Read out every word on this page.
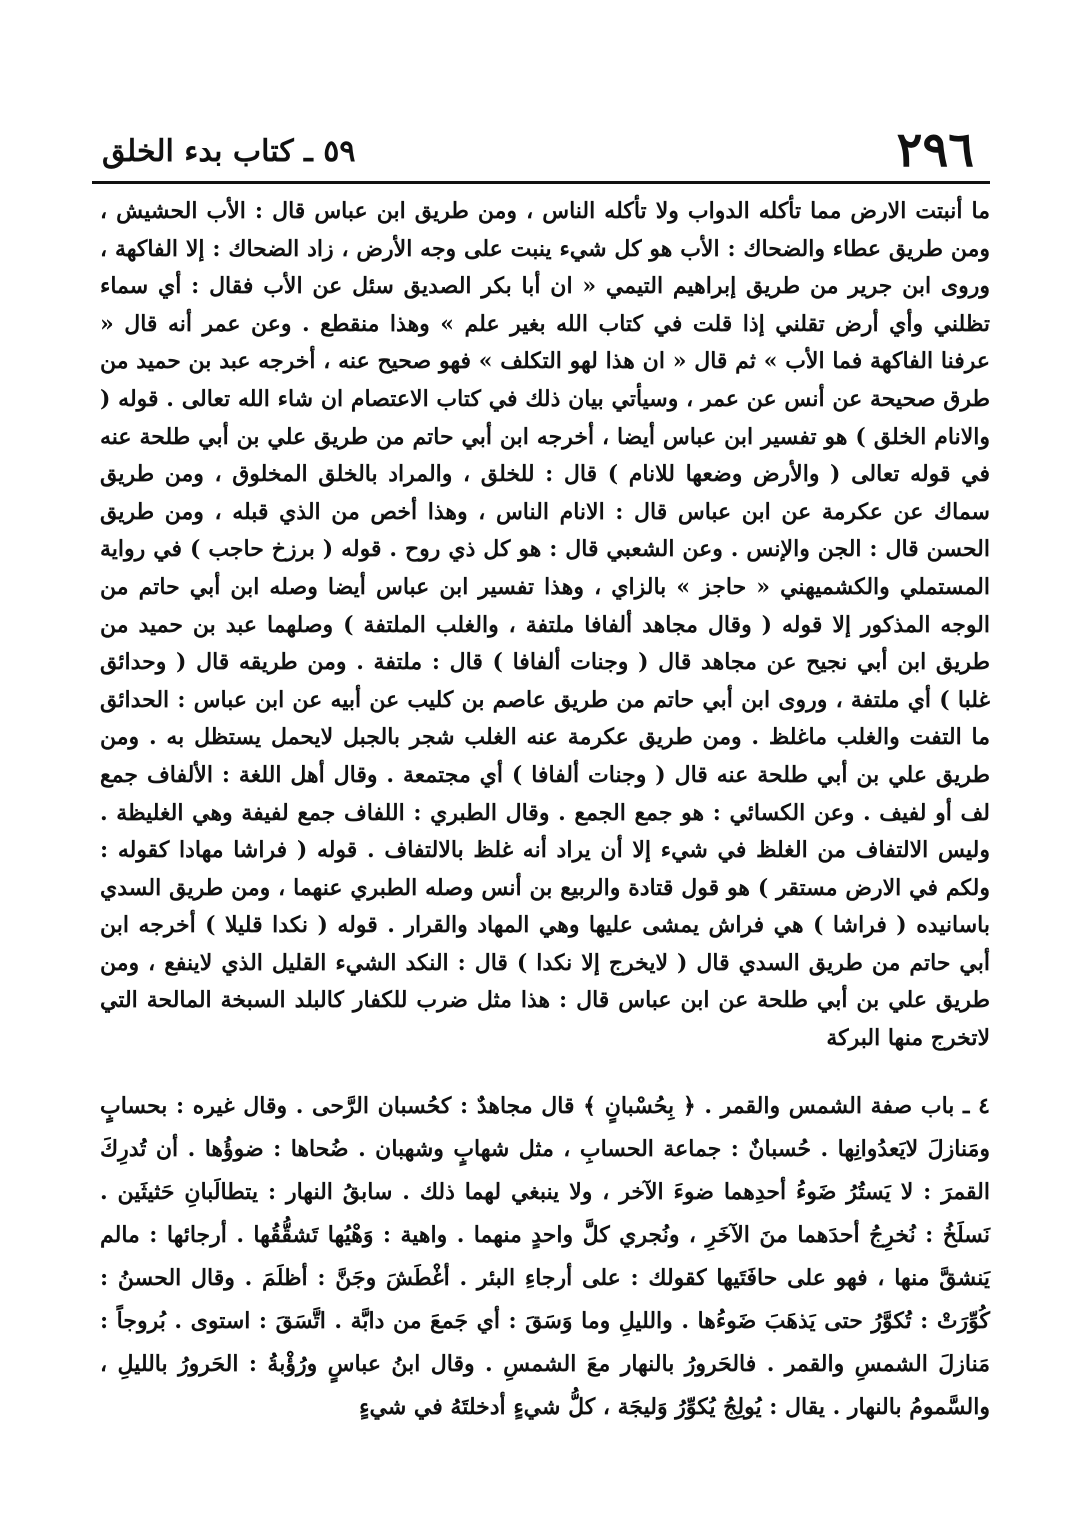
٢٩٦
٥٩ ـ كتاب بدء الخلق

ما أنبتت الارض مما تأكله الدواب ولا تأكله الناس ، ومن طريق ابن عباس قال : الأب الحشيش ، ومن طريق عطاء والضحاك : الأب هو كل شيء ينبت على وجه الأرض ، زاد الضحاك : إلا الفاكهة ، وروى ابن جرير من طريق إبراهيم التيمي « ان أبا بكر الصديق سئل عن الأب فقال : أي سماء تظلني وأي أرض تقلني إذا قلت في كتاب الله بغير علم » وهذا منقطع . وعن عمر أنه قال « عرفنا الفاكهة فما الأب » ثم قال « ان هذا لهو التكلف » فهو صحيح عنه ، أخرجه عبد بن حميد من طرق صحيحة عن أنس عن عمر ، وسيأتي بيان ذلك في كتاب الاعتصام ان شاء الله تعالى . قوله ( والانام الخلق ) هو تفسير ابن عباس أيضا ، أخرجه ابن أبي حاتم من طريق علي بن أبي طلحة عنه في قوله تعالى ( والأرض وضعها للانام ) قال : للخلق ، والمراد بالخلق المخلوق ، ومن طريق سماك عن عكرمة عن ابن عباس قال : الانام الناس ، وهذا أخص من الذي قبله ، ومن طريق الحسن قال : الجن والإنس . وعن الشعبي قال : هو كل ذي روح . قوله ( برزخ حاجب ) في رواية المستملي والكشميهني « حاجز » بالزاي ، وهذا تفسير ابن عباس أيضا وصله ابن أبي حاتم من الوجه المذكور إلا قوله ( وقال مجاهد ألفافا ملتفة ، والغلب الملتفة ) وصلهما عبد بن حميد من طريق ابن أبي نجيح عن مجاهد قال ( وجنات ألفافا ) قال : ملتفة . ومن طريقه قال ( وحدائق غلبا ) أي ملتفة ، وروى ابن أبي حاتم من طريق عاصم بن كليب عن أبيه عن ابن عباس : الحدائق ما التفت والغلب ماغلظ . ومن طريق عكرمة عنه الغلب شجر بالجبل لايحمل يستظل به . ومن طريق علي بن أبي طلحة عنه قال ( وجنات ألفافا ) أي مجتمعة . وقال أهل اللغة : الألفاف جمع لف أو لفيف . وعن الكسائي : هو جمع الجمع . وقال الطبري : اللفاف جمع لفيفة وهي الغليظة . وليس الالتفاف من الغلظ في شيء إلا أن يراد أنه غلظ بالالتفاف . قوله ( فراشا مهادا كقوله : ولكم في الارض مستقر ) هو قول قتادة والربيع بن أنس وصله الطبري عنهما ، ومن طريق السدي باسانيده ( فراشا ) هي فراش يمشى عليها وهي المهاد والقرار . قوله ( نكدا قليلا ) أخرجه ابن أبي حاتم من طريق السدي قال ( لايخرج إلا نكدا ) قال : النكد الشيء القليل الذي لاينفع ، ومن طريق علي بن أبي طلحة عن ابن عباس قال : هذا مثل ضرب للكفار كالبلد السبخة المالحة التي لاتخرج منها البركة

٤ ـ باب صفة الشمس والقمر . ﴿ بِحُسْبانٍ ﴾ قال مجاهدٌ : كحُسبان الرَّحى . وقال غيره : بحسابٍ ومَنازلَ لايَعدُوانِها . حُسبانٌ : جماعة الحسابِ ، مثل شهابٍ وشهبان . ضُحاها : ضوؤُها . أن تُدرِكَ القمرَ : لا يَستُرُ ضَوءُ أحدِهما ضوءَ الآخر ، ولا ينبغي لهما ذلك . سابقُ النهار : يتطالَبانِ حَثيثَين . نَسلَخُ : نُخرِجُ أحدَهما منَ الآخَرِ ، ونُجري كلَّ واحدٍ منهما . واهية : وَهْيُها تَشقُّقُها . أرجائها : مالم يَنشقَّ منها ، فهو على حافَتَيها كقولك : على أرجاءِ البئر . أغْطَشَ وجَنَّ : أظلَمَ . وقال الحسنُ : كُوِّرَتْ : تُكوَّرُ حتى يَذهَبَ ضَوءُها . والليلِ وما وَسَقَ : أي جَمعَ من دابَّة . اتَّسَقَ : استوى . بُروجاً : مَنازلَ الشمسِ والقمر . فالحَرورُ بالنهار معَ الشمسِ . وقال ابنُ عباسٍ ورُؤْبةُ : الحَرورُ بالليلِ ، والسَّمومُ بالنهار . يقال : يُولِجُ يُكوِّرُ وَليجَة ، كلُّ شيءٍ أدخلتَهُ في شيءٍ
